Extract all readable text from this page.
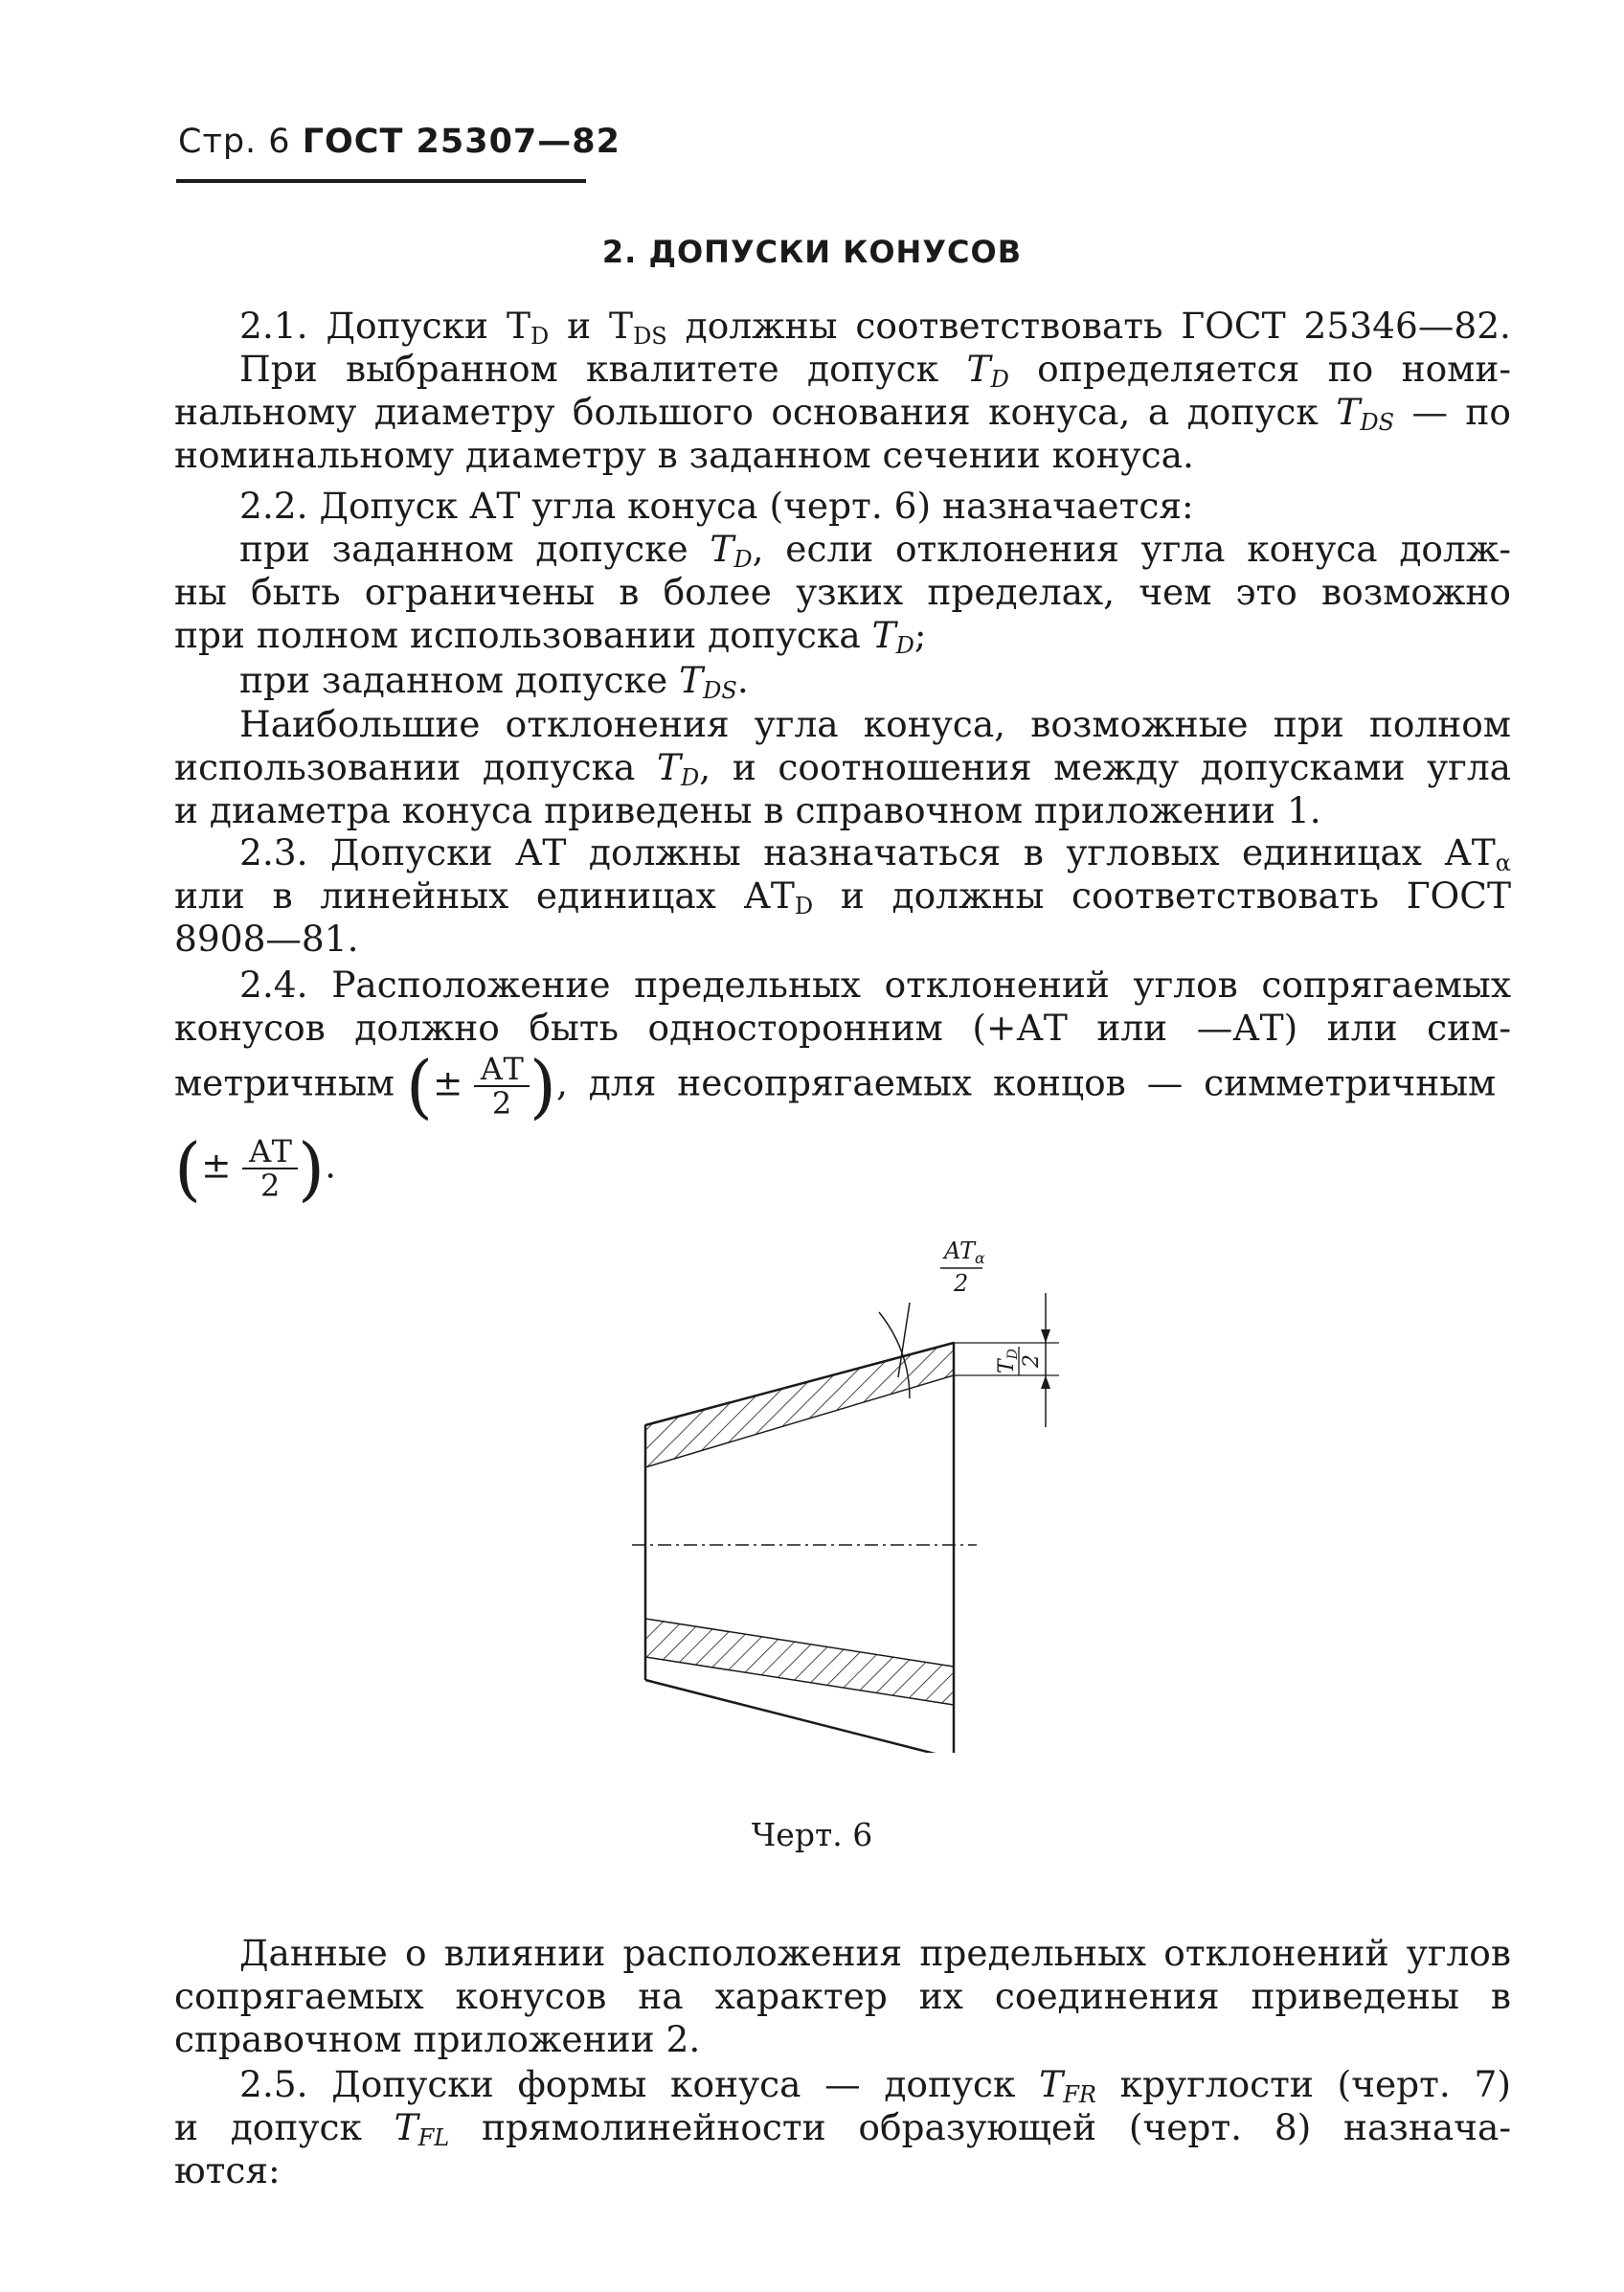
Стр. 6 ГОСТ 25307—82
2. ДОПУСКИ КОНУСОВ
2.1. Допуски $T_D$ и $T_{DS}$ должны соответствовать ГОСТ 25346—82.
При выбранном квалитете допуск $T_D$ определяется по номи-
нальному диаметру большого основания конуса, а допуск $T_{DS}$ — по
номинальному диаметру в заданном сечении конуса.
2.2. Допуск АТ угла конуса (черт. 6) назначается:
при заданном допуске $T_D$, если отклонения угла конуса долж-
ны быть ограничены в более узких пределах, чем это возможно
при полном использовании допуска $T_D$;
при заданном допуске $T_{DS}$.
Наибольшие отклонения угла конуса, возможные при полном
использовании допуска $T_D$, и соотношения между допусками угла
и диаметра конуса приведены в справочном приложении 1.
2.3. Допуски АТ должны назначаться в угловых единицах $АТ_\alpha$
или в линейных единицах $АТ_D$ и должны соответствовать ГОСТ
8908—81.
2.4. Расположение предельных отклонений углов сопрягаемых
конусов должно быть односторонним (+АТ или —АТ) или сим-
метричным (± $\frac{АТ}{2}$ ), для несопрягаемых концов — симметричным
(± $\frac{АТ}{2}$ ).
$AT_\alpha$
2
TD
2
Черт. 6
Данные о влиянии расположения предельных отклонений углов
сопрягаемых конусов на характер их соединения приведены в
справочном приложении 2.
2.5. Допуски формы конуса — допуск $T_{FR}$ круглости (черт. 7)
и допуск $T_{FL}$ прямолинейности образующей (черт. 8) назнача-
ются:
